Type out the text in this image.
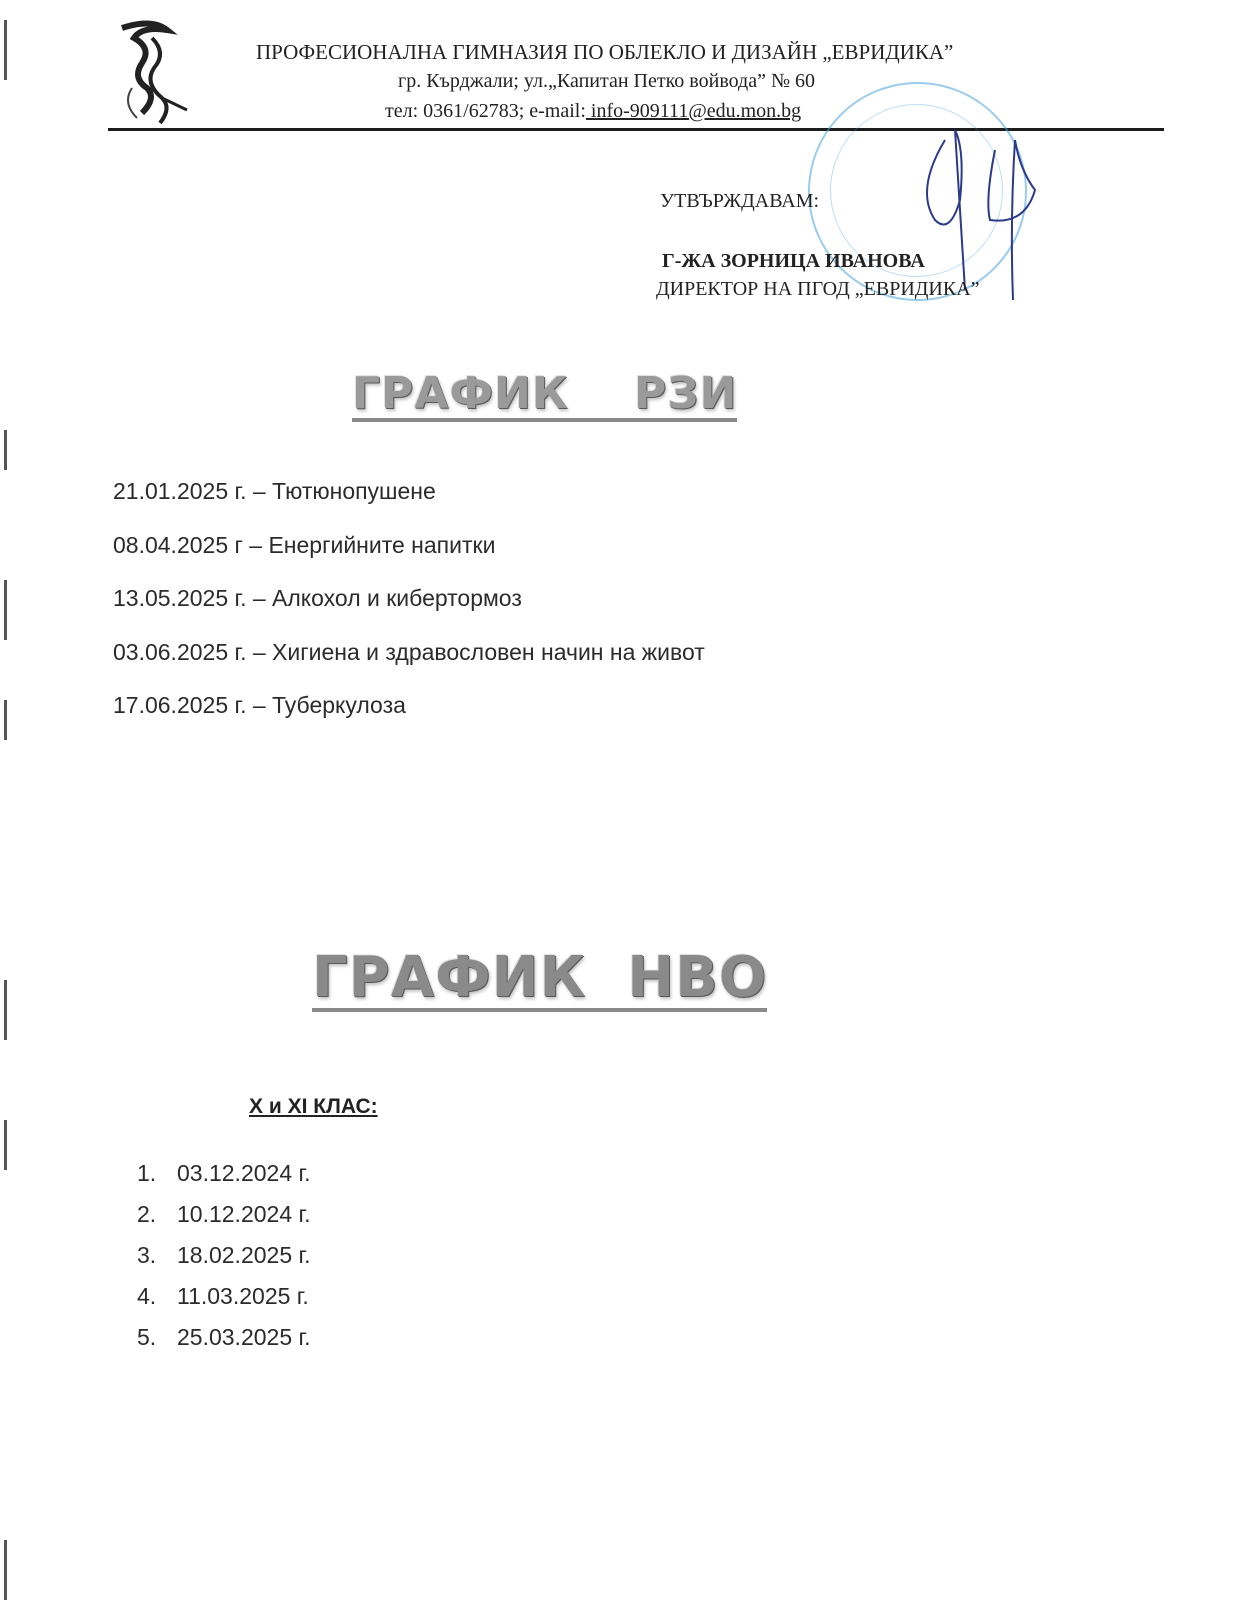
ПРОФЕСИОНАЛНА ГИМНАЗИЯ ПО ОБЛЕКЛО И ДИЗАЙН „ЕВРИДИКА”
гр. Кърджали; ул.„Капитан Петко войвода” № 60
тел: 0361/62783; e-mail: info-909111@edu.mon.bg
УТВЪРЖДАВАМ:
Г-ЖА ЗОРНИЦА ИВАНОВА
ДИРЕКТОР НА ПГОД „ЕВРИДИКА”
ГРАФИК    РЗИ
21.01.2025 г. – Тютюнопушене
08.04.2025 г – Енергийните напитки
13.05.2025 г. – Алкохол и кибертормоз
03.06.2025 г. – Хигиена и здравословен начин на живот
17.06.2025 г. – Туберкулоза
ГРАФИК  НВО
Х и XI КЛАС:
1. 03.12.2024 г.
2. 10.12.2024 г.
3. 18.02.2025 г.
4. 11.03.2025 г.
5. 25.03.2025 г.
